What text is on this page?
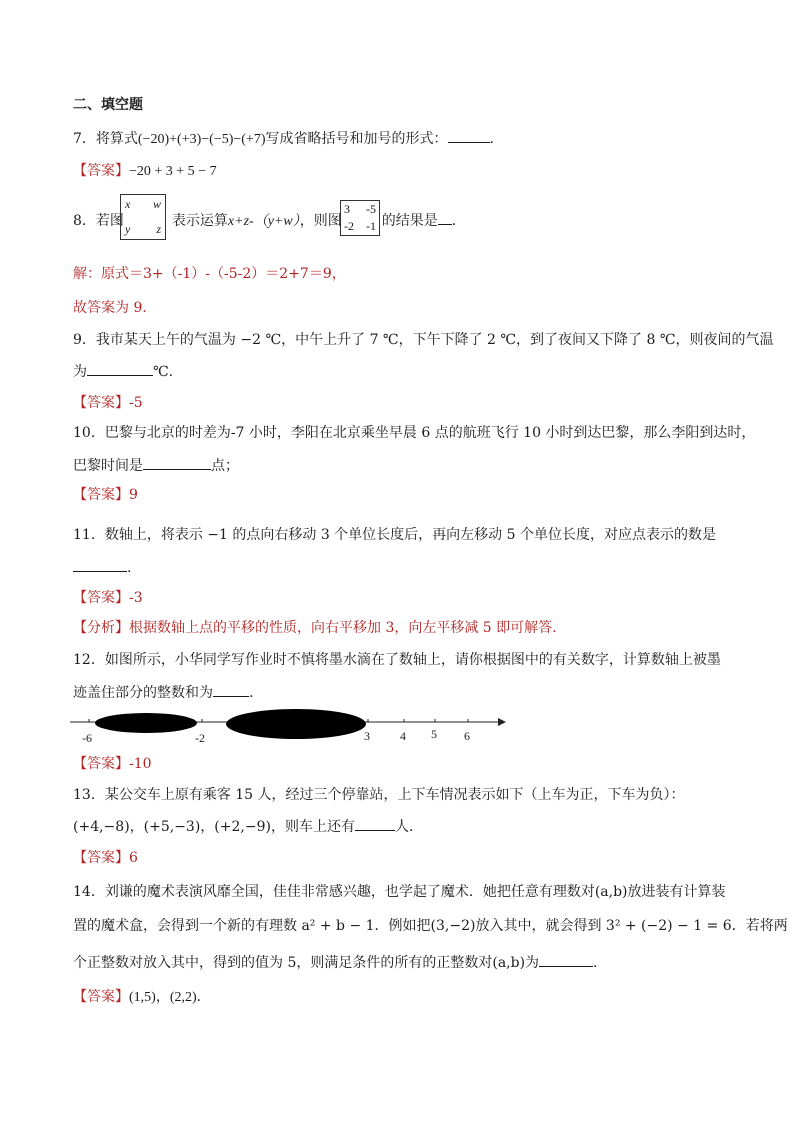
二、填空题
7．将算式(−20)+(+3)−(−5)−(+7)写成省略括号和加号的形式：	.
【答案】−20 + 3 + 5 − 7
8．若图	表示运算x+z-（y+w），则图	的结果是 ．
x w
y z
3 -5
-2 -1
解：原式＝3+（-1）-（-5-2）＝2+7＝9，
故答案为 9．
9．我市某天上午的气温为 −2 ℃，中午上升了 7 ℃，下午下降了 2 ℃，到了夜间又下降了 8 ℃，则夜间的气温
为	℃.
【答案】-5
10．巴黎与北京的时差为-7 小时，李阳在北京乘坐早晨 6 点的航班飞行 10 小时到达巴黎，那么李阳到达时，
巴黎时间是	点；
【答案】9
11．数轴上，将表示 −1 的点向右移动 3 个单位长度后，再向左移动 5 个单位长度，对应点表示的数是
.
【答案】-3
【分析】根据数轴上点的平移的性质，向右平移加 3，向左平移减 5 即可解答.
12．如图所示，小华同学写作业时不慎将墨水滴在了数轴上，请你根据图中的有关数字，计算数轴上被墨
迹盖住部分的整数和为	.
-6	-2	3	4 5 6
【答案】-10
13．某公交车上原有乘客 15 人，经过三个停靠站，上下车情况表示如下（上车为正，下车为负）：
(+4,−8)，(+5,−3)，(+2,−9)，则车上还有	人．
【答案】6
14．刘谦的魔术表演风靡全国，佳佳非常感兴趣，也学起了魔术．她把任意有理数对(a,b)放进装有计算装
置的魔术盒，会得到一个新的有理数 a² + b − 1．例如把(3,−2)放入其中，就会得到 3² + (−2) − 1 = 6．若将两
个正整数对放入其中，得到的值为 5，则满足条件的所有的正整数对(a,b)为	.
【答案】(1,5)，(2,2)．
